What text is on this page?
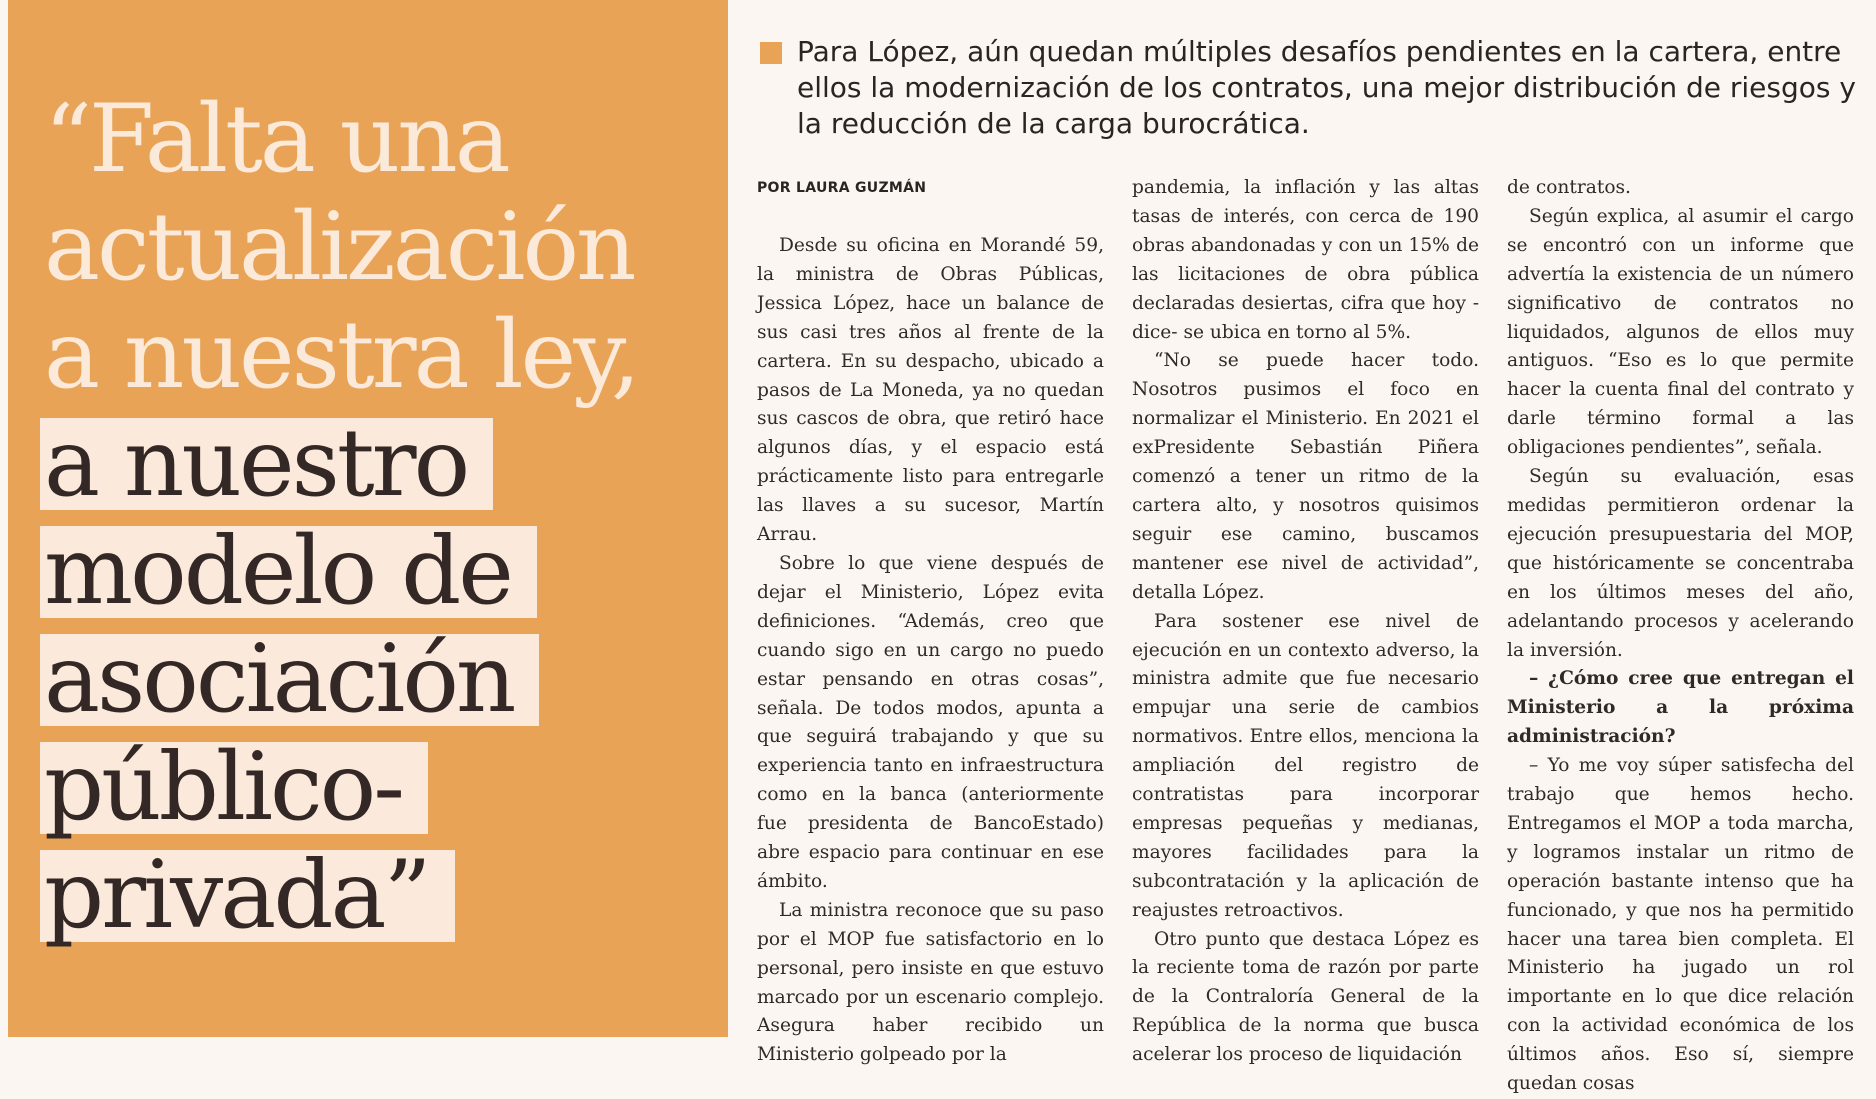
“Falta una
actualización
a nuestra ley,
a nuestro
modelo de
asociación
público-
privada”
Para López, aún quedan múltiples desafíos pendientes en la cartera, entre ellos la modernización de los contratos, una mejor distribución de riesgos y la reducción de la carga burocrática.
POR LAURA GUZMÁN

Desde su oficina en Morandé 59, la ministra de Obras Públicas, Jessica López, hace un balance de sus casi tres años al frente de la cartera. En su despacho, ubicado a pasos de La Moneda, ya no quedan sus cascos de obra, que retiró hace algunos días, y el espacio está prácticamente listo para entregarle las llaves a su sucesor, Martín Arrau.

Sobre lo que viene después de dejar el Ministerio, López evita definiciones. “Además, creo que cuando sigo en un cargo no puedo estar pensando en otras cosas”, señala. De todos modos, apunta a que seguirá trabajando y que su experiencia tanto en infraestructura como en la banca (anteriormente fue presidenta de BancoEstado) abre espacio para continuar en ese ámbito.

La ministra reconoce que su paso por el MOP fue satisfactorio en lo personal, pero insiste en que estuvo marcado por un escenario complejo. Asegura haber recibido un Ministerio golpeado por la

pandemia, la inflación y las altas tasas de interés, con cerca de 190 obras abandonadas y con un 15% de las licitaciones de obra pública declaradas desiertas, cifra que hoy -dice- se ubica en torno al 5%.

“No se puede hacer todo. Nosotros pusimos el foco en normalizar el Ministerio. En 2021 el exPresidente Sebastián Piñera comenzó a tener un ritmo de la cartera alto, y nosotros quisimos seguir ese camino, buscamos mantener ese nivel de actividad”, detalla López.

Para sostener ese nivel de ejecución en un contexto adverso, la ministra admite que fue necesario empujar una serie de cambios normativos. Entre ellos, menciona la ampliación del registro de contratistas para incorporar empresas pequeñas y medianas, mayores facilidades para la subcontratación y la aplicación de reajustes retroactivos.

Otro punto que destaca López es la reciente toma de razón por parte de la Contraloría General de la República de la norma que busca acelerar los proceso de liquidación

de contratos.

Según explica, al asumir el cargo se encontró con un informe que advertía la existencia de un número significativo de contratos no liquidados, algunos de ellos muy antiguos. “Eso es lo que permite hacer la cuenta final del contrato y darle término formal a las obligaciones pendientes”, señala.

Según su evaluación, esas medidas permitieron ordenar la ejecución presupuestaria del MOP, que históricamente se concentraba en los últimos meses del año, adelantando procesos y acelerando la inversión.

– ¿Cómo cree que entregan el Ministerio a la próxima administración?

– Yo me voy súper satisfecha del trabajo que hemos hecho. Entregamos el MOP a toda marcha, y logramos instalar un ritmo de operación bastante intenso que ha funcionado, y que nos ha permitido hacer una tarea bien completa. El Ministerio ha jugado un rol importante en lo que dice relación con la actividad económica de los últimos años. Eso sí, siempre quedan cosas
